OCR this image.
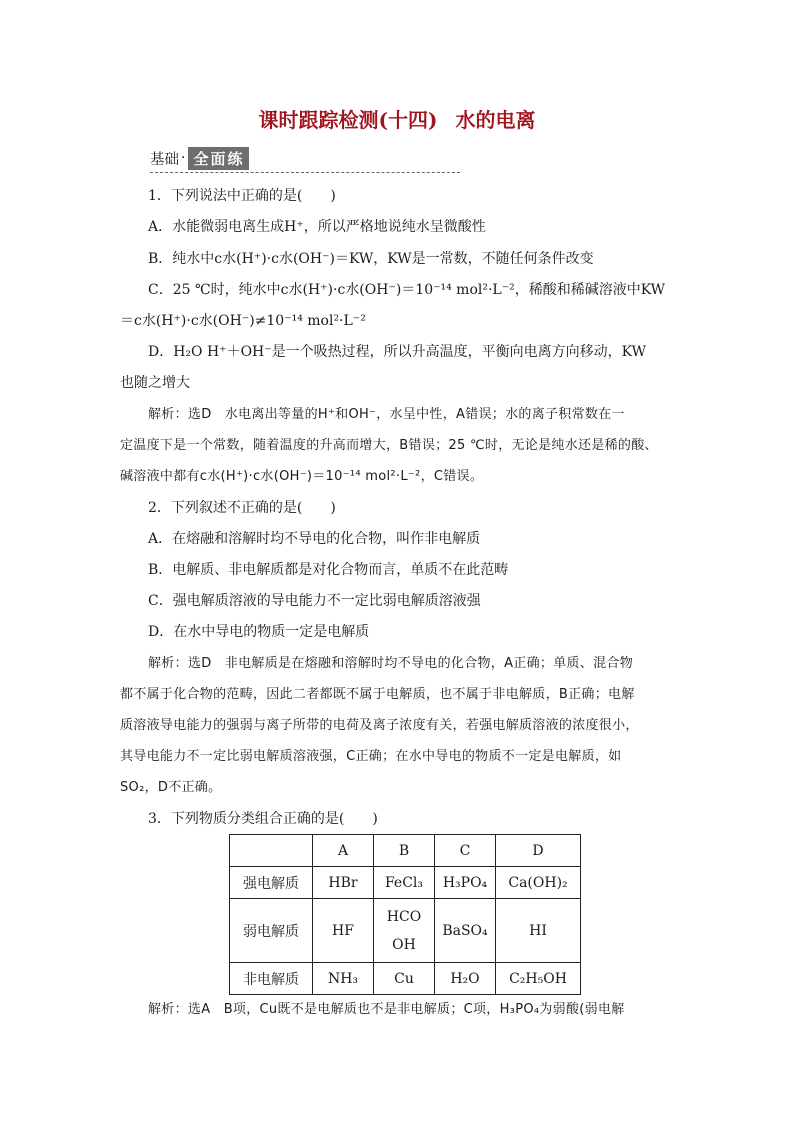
课时跟踪检测(十四) 水的电离
基础 · 全面练
1．下列说法中正确的是(　　)
A．水能微弱电离生成H⁺，所以严格地说纯水呈微酸性
B．纯水中c水(H⁺)·c水(OH⁻)＝KW，KW是一常数，不随任何条件改变
C．25 ℃时，纯水中c水(H⁺)·c水(OH⁻)＝10⁻¹⁴ mol²·L⁻²，稀酸和稀碱溶液中KW
＝c水(H⁺)·c水(OH⁻)≠10⁻¹⁴ mol²·L⁻²
D．H₂O H⁺＋OH⁻是一个吸热过程，所以升高温度，平衡向电离方向移动，KW
也随之增大
解析：选D　水电离出等量的H⁺和OH⁻，水呈中性，A错误；水的离子积常数在一
定温度下是一个常数，随着温度的升高而增大，B错误；25 ℃时，无论是纯水还是稀的酸、
碱溶液中都有c水(H⁺)·c水(OH⁻)＝10⁻¹⁴ mol²·L⁻²，C错误。
2．下列叙述不正确的是(　　)
A．在熔融和溶解时均不导电的化合物，叫作非电解质
B．电解质、非电解质都是对化合物而言，单质不在此范畴
C．强电解质溶液的导电能力不一定比弱电解质溶液强
D．在水中导电的物质一定是电解质
解析：选D　非电解质是在熔融和溶解时均不导电的化合物，A正确；单质、混合物
都不属于化合物的范畴，因此二者都既不属于电解质，也不属于非电解质，B正确；电解
质溶液导电能力的强弱与离子所带的电荷及离子浓度有关，若强电解质溶液的浓度很小，
其导电能力不一定比弱电解质溶液强，C正确；在水中导电的物质不一定是电解质，如
SO₂，D不正确。
3．下列物质分类组合正确的是(　　)
	A	B	C	D
强电解质	HBr	FeCl₃	H₃PO₄	Ca(OH)₂
弱电解质	HF	HCOOH	BaSO₄	HI
非电解质	NH₃	Cu	H₂O	C₂H₅OH
解析：选A　B项，Cu既不是电解质也不是非电解质；C项，H₃PO₄为弱酸(弱电解
